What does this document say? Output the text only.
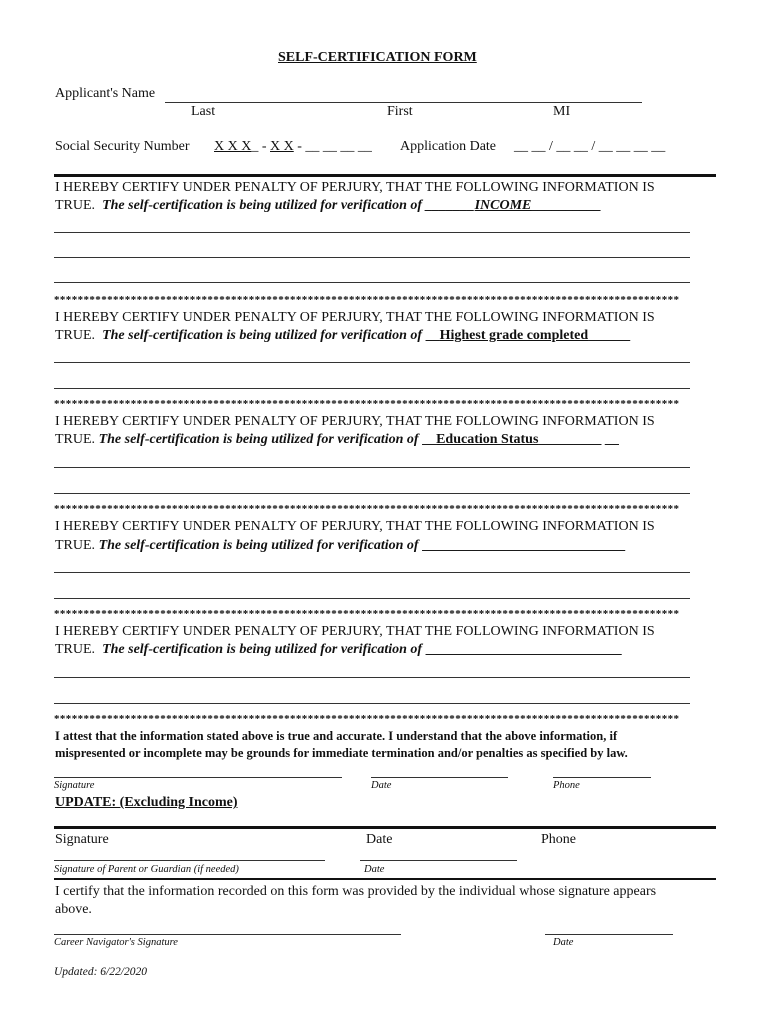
SELF-CERTIFICATION FORM
Applicant's Name
Last	First	MI
Social Security Number X X X_ - X X - __ __ __ __ Application Date __ __ / __ __ / __ __ __ __
I HEREBY CERTIFY UNDER PENALTY OF PERJURY, THAT THE FOLLOWING INFORMATION IS
TRUE. The self-certification is being utilized for verification of _______INCOME__________
**********************************************************************************************************
I HEREBY CERTIFY UNDER PENALTY OF PERJURY, THAT THE FOLLOWING INFORMATION IS
TRUE. The self-certification is being utilized for verification of __Highest grade completed______
**********************************************************************************************************
I HEREBY CERTIFY UNDER PENALTY OF PERJURY, THAT THE FOLLOWING INFORMATION IS
TRUE. The self-certification is being utilized for verification of __Education Status_________ __
**********************************************************************************************************
I HEREBY CERTIFY UNDER PENALTY OF PERJURY, THAT THE FOLLOWING INFORMATION IS
TRUE. The self-certification is being utilized for verification of _____________________________
**********************************************************************************************************
I HEREBY CERTIFY UNDER PENALTY OF PERJURY, THAT THE FOLLOWING INFORMATION IS
TRUE. The self-certification is being utilized for verification of ____________________________
**********************************************************************************************************
I attest that the information stated above is true and accurate. I understand that the above information, if
mispresented or incomplete may be grounds for immediate termination and/or penalties as specified by law.
Signature	Date	Phone
UPDATE: (Excluding Income)
Signature	Date	Phone
Signature of Parent or Guardian (if needed)	Date
I certify that the information recorded on this form was provided by the individual whose signature appears
above.
Career Navigator's Signature	Date
Updated: 6/22/2020
